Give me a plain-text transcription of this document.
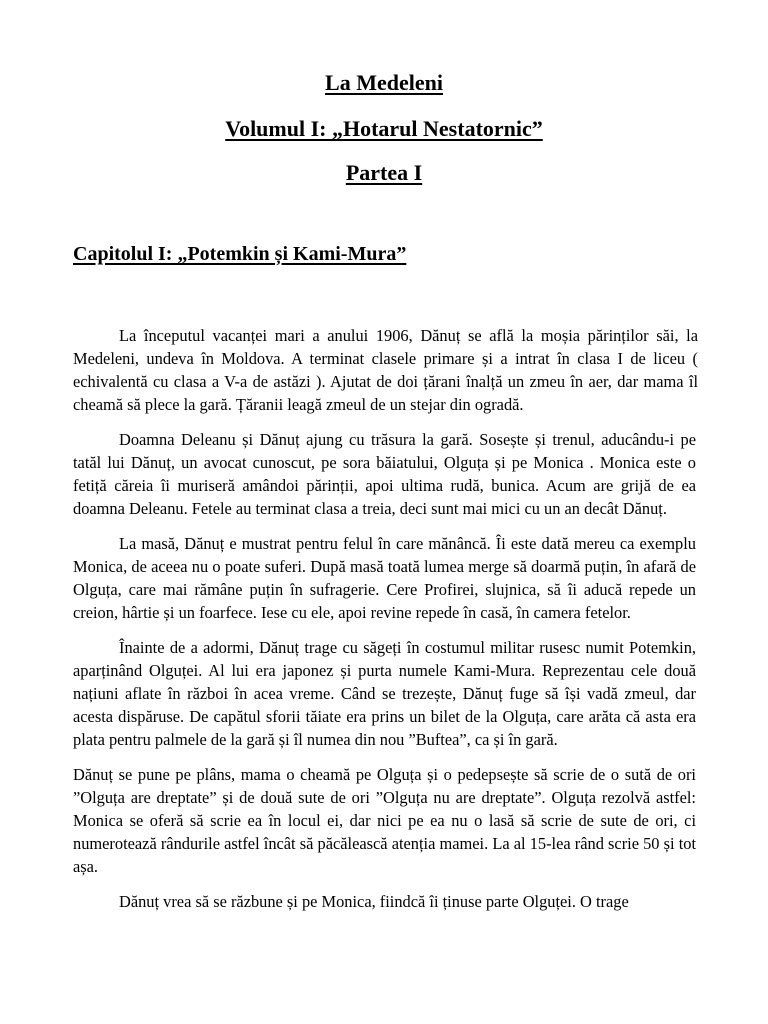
La Medeleni
Volumul I: „Hotarul Nestatornic”
Partea I
Capitolul I: „Potemkin și Kami-Mura”

La începutul vacanței mari a anului 1906, Dănuț se află la moșia părinților săi, la Medeleni, undeva în Moldova. A terminat clasele primare și a intrat în clasa I de liceu ( echivalentă cu clasa a V-a de astăzi ). Ajutat de doi țărani înalță un zmeu în aer, dar mama îl cheamă să plece la gară. Țăranii leagă zmeul de un stejar din ogradă.

Doamna Deleanu și Dănuț ajung cu trăsura la gară. Sosește și trenul, aducându-i pe tatăl lui Dănuț, un avocat cunoscut, pe sora băiatului, Olguța și pe Monica . Monica este o fetiță căreia îi muriseră amândoi părinții, apoi ultima rudă, bunica. Acum are grijă de ea doamna Deleanu. Fetele au terminat clasa a treia, deci sunt mai mici cu un an decât Dănuț.

La masă, Dănuț e mustrat pentru felul în care mănâncă. Îi este dată mereu ca exemplu Monica, de aceea nu o poate suferi. După masă toată lumea merge să doarmă puțin, în afară de Olguța, care mai rămâne puțin în sufragerie. Cere Profirei, slujnica, să îi aducă repede un creion, hârtie și un foarfece. Iese cu ele, apoi revine repede în casă, în camera fetelor.

Înainte de a adormi, Dănuț trage cu săgeți în costumul militar rusesc numit Potemkin, aparținând Olguței. Al lui era japonez și purta numele Kami-Mura. Reprezentau cele două națiuni aflate în război în acea vreme. Când se trezește, Dănuț fuge să își vadă zmeul, dar acesta dispăruse. De capătul sforii tăiate era prins un bilet de la Olguța, care arăta că asta era plata pentru palmele de la gară și îl numea din nou ”Buftea”, ca și în gară.

Dănuț se pune pe plâns, mama o cheamă pe Olguța și o pedepsește să scrie de o sută de ori ”Olguța are dreptate” și de două sute de ori ”Olguța nu are dreptate”. Olguța rezolvă astfel: Monica se oferă să scrie ea în locul ei, dar nici pe ea nu o lasă să scrie de sute de ori, ci numerotează rândurile astfel încât să păcălească atenția mamei. La al 15-lea rând scrie 50 și tot așa.

Dănuț vrea să se răzbune și pe Monica, fiindcă îi ținuse parte Olguței. O trage
